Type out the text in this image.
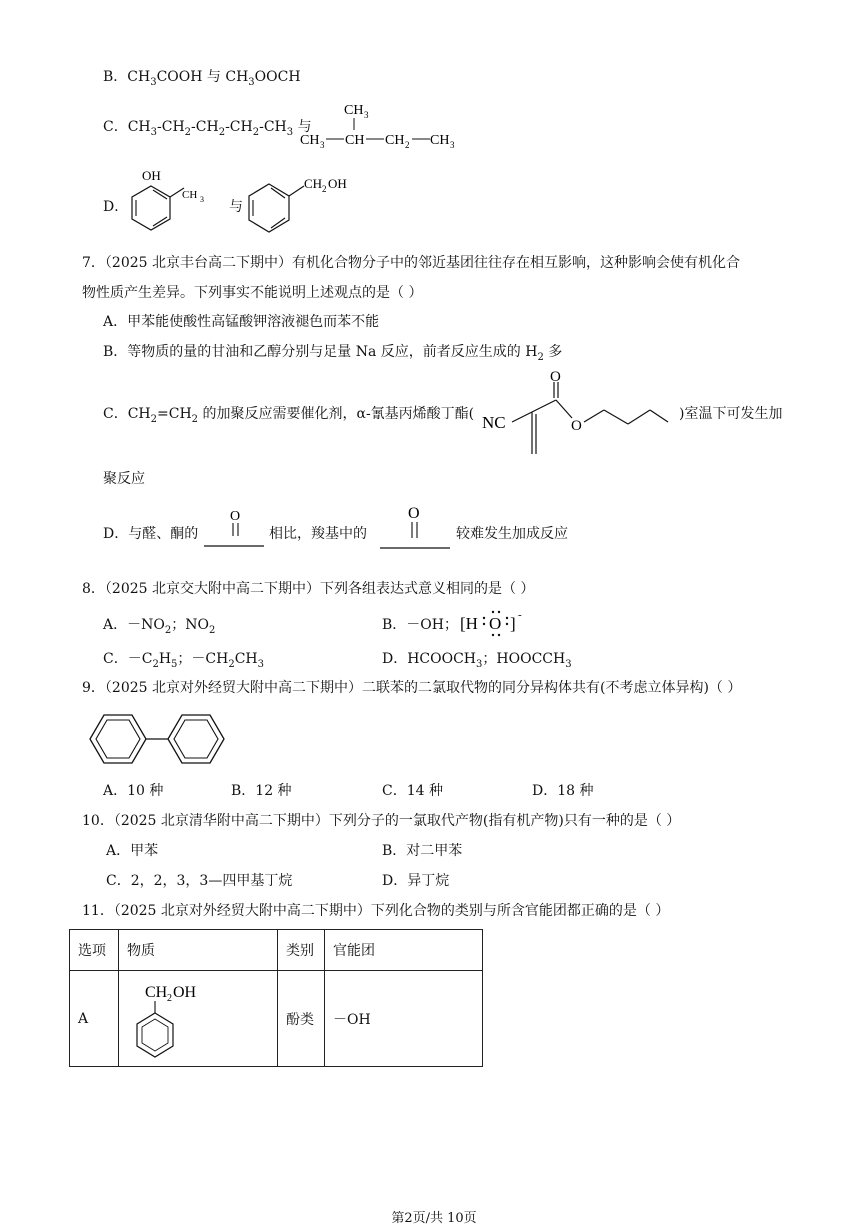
B．$CH_3COOH$ 与 $CH_3OOCH$
C．$CH_3-CH_2-CH_2-CH_2-CH_3$ 与
CH 3
CH 3 CH CH 2 CH 3
D．
OH
CH 3 与
CH 2 OH
7．（2025 北京丰台高二下期中）有机化合物分子中的邻近基团往往存在相互影响，这种影响会使有机化合
物性质产生差异。下列事实不能说明上述观点的是（ ）
A．甲苯能使酸性高锰酸钾溶液褪色而苯不能
B．等物质的量的甘油和乙醇分别与足量 Na 反应，前者反应生成的 $H_2$ 多
C．$CH_2=CH_2$ 的加聚反应需要催化剂，α-氰基丙烯酸丁酯( NC
O
O
)室温下可发生加
聚反应
D．与醛、酮的
O
相比，羧基中的
O
较难发生加成反应
8．（2025 北京交大附中高二下期中）下列各组表达式意义相同的是（ ）
A．$-NO_2$；$NO_2$	B．－OH； [H O ] -
C．$-C_2H_5$；$-CH_2CH_3$	D．$HCOOCH_3$；$HOOCCH_3$
9．（2025 北京对外经贸大附中高二下期中）二联苯的二氯取代物的同分异构体共有(不考虑立体异构)（ ）
A．10 种	B．12 种	C．14 种	D．18 种
10．（2025 北京清华附中高二下期中）下列分子的一氯取代产物(指有机产物)只有一种的是（ ）
A．甲苯	B．对二甲苯
C．2，2，3，3—四甲基丁烷	D．异丁烷
11．（2025 北京对外经贸大附中高二下期中）下列化合物的类别与所含官能团都正确的是（ ）
选项	物质	类别	官能团
A	CH 2 OH	酚类	－OH
第2页/共 10页
